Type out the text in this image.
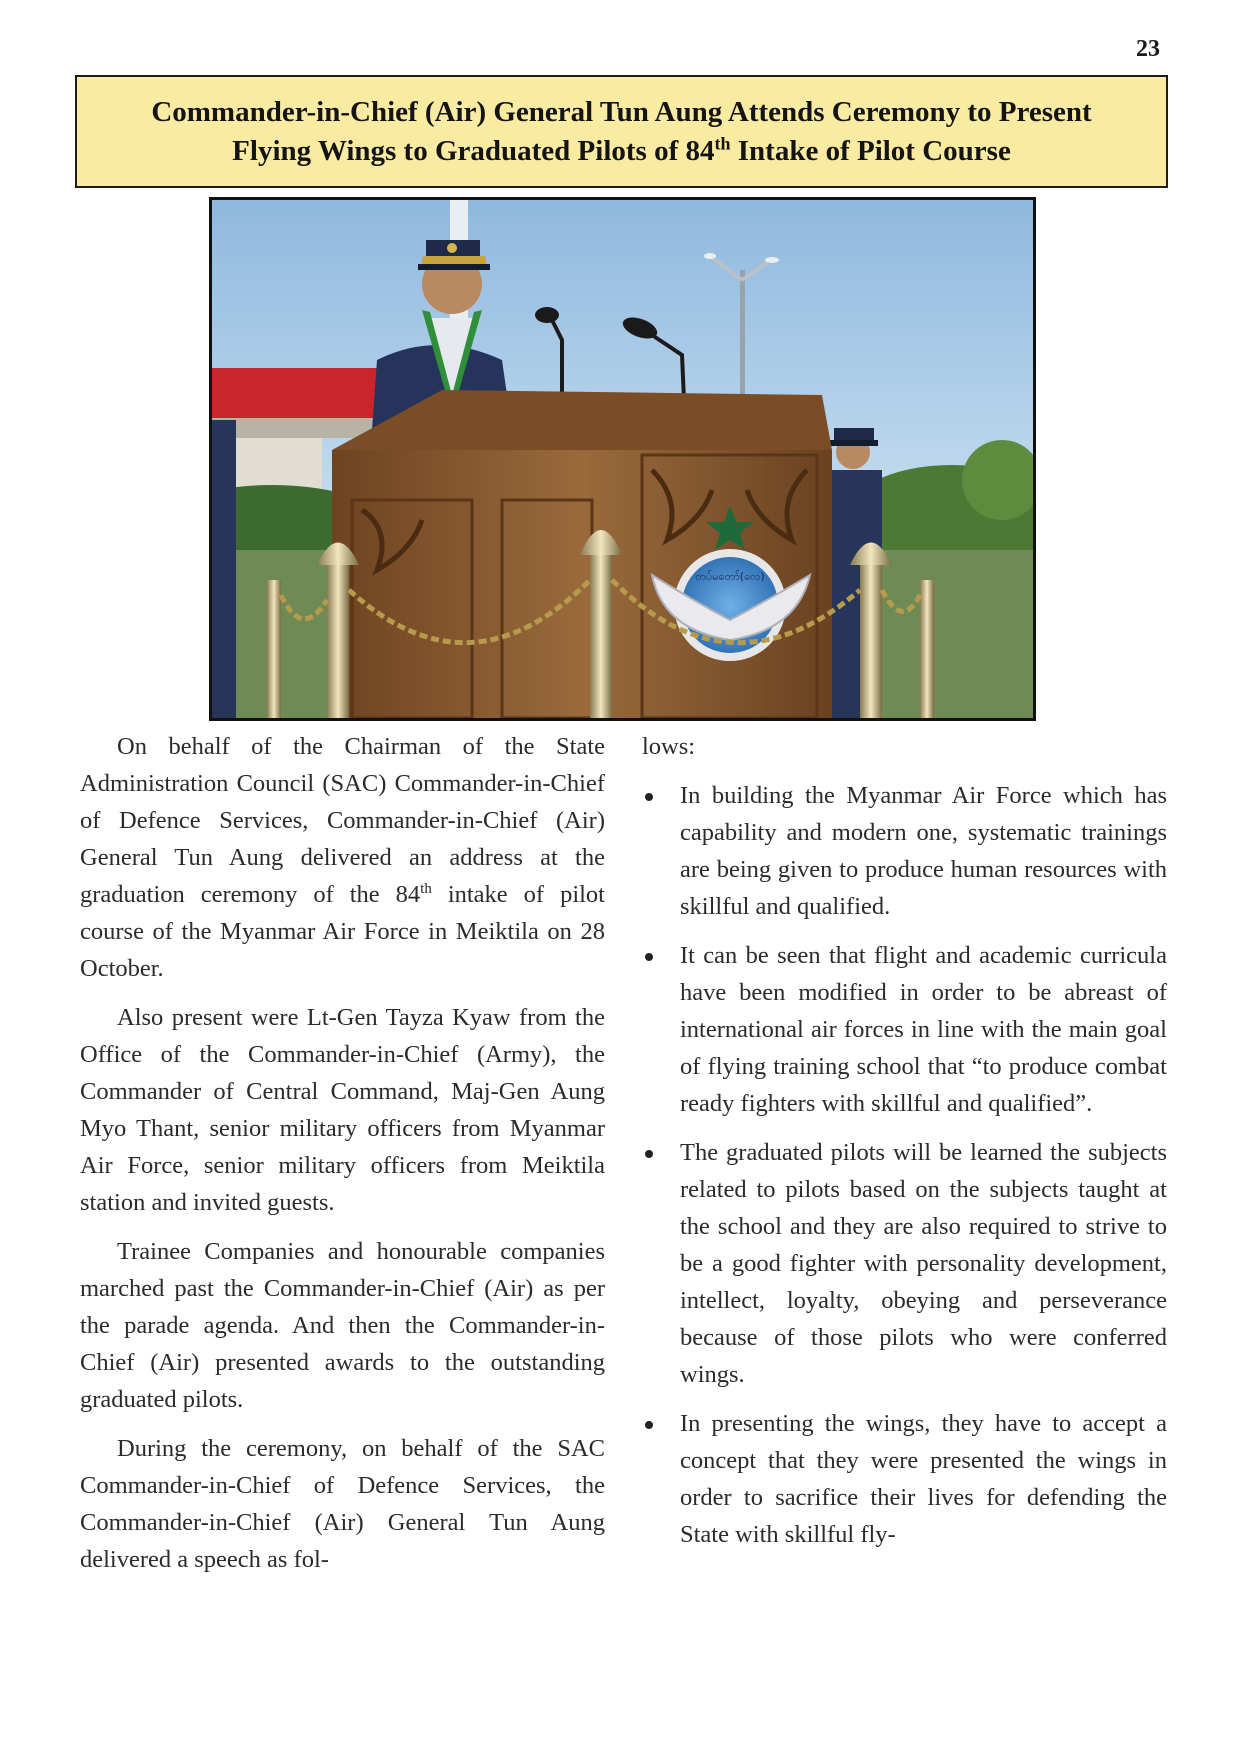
23
Commander-in-Chief (Air) General Tun Aung Attends Ceremony to Present
Flying Wings to Graduated Pilots of 84th Intake of Pilot Course
တပ်မတော်(လေ)

On behalf of the Chairman of the State Administration Council (SAC) Commander-in-Chief of Defence Services, Commander-in-Chief (Air) General Tun Aung delivered an address at the graduation ceremony of the 84th intake of pilot course of the Myanmar Air Force in Meiktila on 28 October.

Also present were Lt-Gen Tayza Kyaw from the Office of the Commander-in-Chief (Army), the Commander of Central Command, Maj-Gen Aung Myo Thant, senior military officers from Myanmar Air Force, senior military officers from Meiktila station and invited guests.

Trainee Companies and honourable companies marched past the Commander-in-Chief (Air) as per the parade agenda. And then the Commander-in-Chief (Air) presented awards to the outstanding graduated pilots.

During the ceremony, on behalf of the SAC Commander-in-Chief of Defence Services, the Commander-in-Chief (Air) General Tun Aung delivered a speech as fol-

lows:

In building the Myanmar Air Force which has capability and modern one, systematic trainings are being given to produce human resources with skillful and qualified.
It can be seen that flight and academic curricula have been modified in order to be abreast of international air forces in line with the main goal of flying training school that “to produce combat ready fighters with skillful and qualified”.
The graduated pilots will be learned the subjects related to pilots based on the subjects taught at the school and they are also required to strive to be a good fighter with personality development, intellect, loyalty, obeying and perseverance because of those pilots who were conferred wings.
In presenting the wings, they have to accept a concept that they were presented the wings in order to sacrifice their lives for defending the State with skillful fly-
